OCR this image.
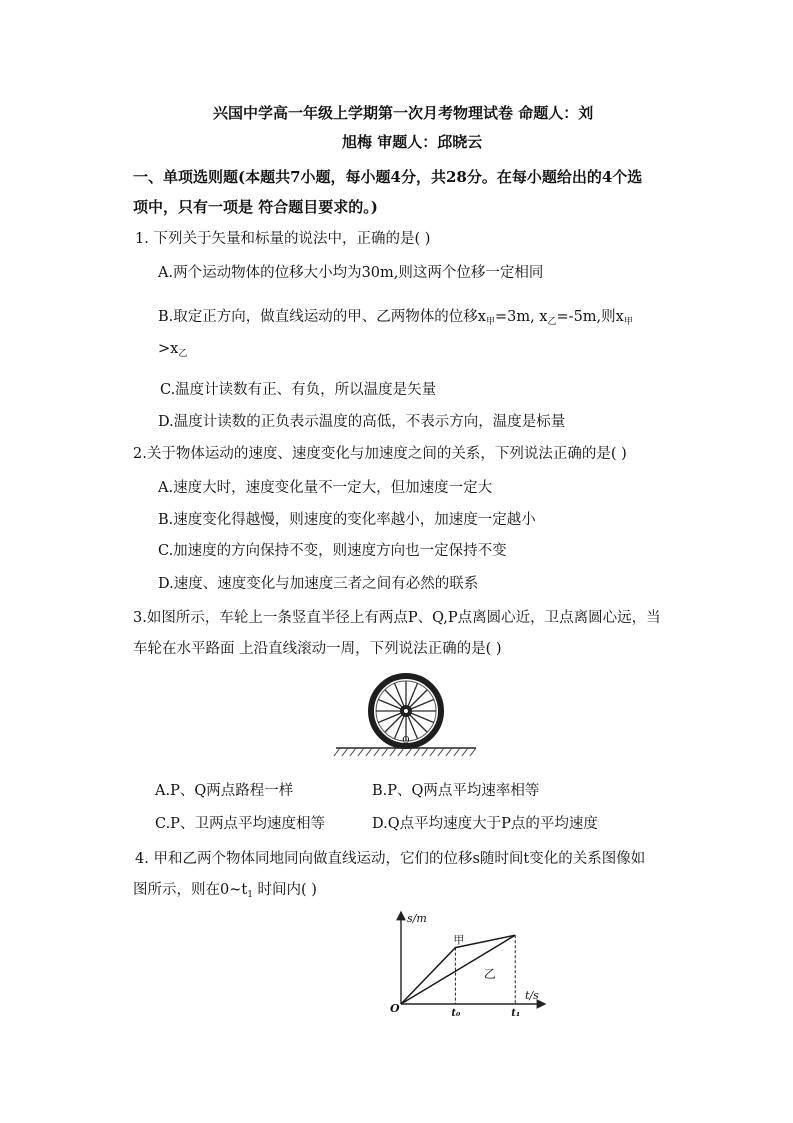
兴国中学高一年级上学期第一次月考物理试卷 命题人：刘
旭梅 审题人：邱晓云
一、单项选则题(本题共7小题，每小题4分，共28分。在每小题给出的4个选
项中，只有一项是 符合题目要求的。)
1. 下列关于矢量和标量的说法中，正确的是( )
A.两个运动物体的位移大小均为30m,则这两个位移一定相同
B.取定正方向，做直线运动的甲、乙两物体的位移$x_甲=3m$, $x_乙=-5m$,则$x_甲$
$>x_乙$
C.温度计读数有正、有负，所以温度是矢量
D.温度计读数的正负表示温度的高低，不表示方向，温度是标量
2.关于物体运动的速度、速度变化与加速度之间的关系，下列说法正确的是( )
A.速度大时，速度变化量不一定大，但加速度一定大
B.速度变化得越慢，则速度的变化率越小，加速度一定越小
C.加速度的方向保持不变，则速度方向也一定保持不变
D.速度、速度变化与加速度三者之间有必然的联系
3.如图所示，车轮上一条竖直半径上有两点P、Q,P点离圆心近，卫点离圆心远，当
车轮在水平路面 上沿直线滚动一周，下列说法正确的是( )
Q
A.P、Q两点路程一样	B.P、Q两点平均速率相等
C.P、卫两点平均速度相等	D.Q点平均速度大于P点的平均速度
4. 甲和乙两个物体同地同向做直线运动，它们的位移s随时间t变化的关系图像如
图所示，则在$0\sim t_1$ 时间内( )
s/m
t/s
O
甲
乙
t₀	t₁
